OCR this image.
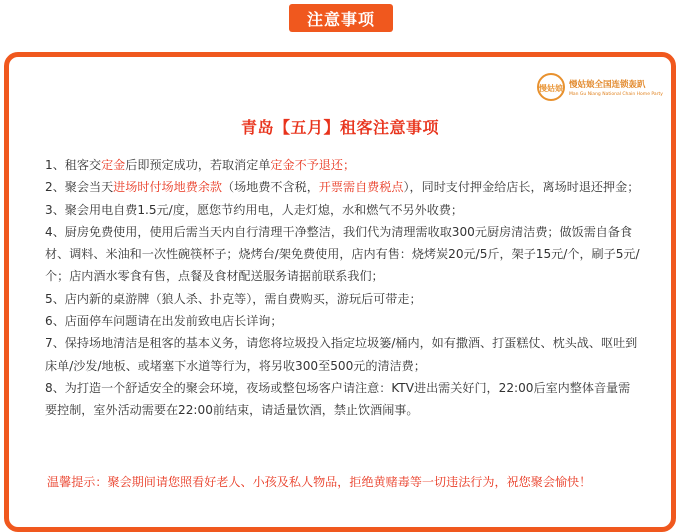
注意事项
慢姑娘 慢姑娘全国连锁轰趴
Man Gu Niang National Chain Home Party
青岛【五月】租客注意事项

1、租客交定金后即预定成功，若取消定单定金不予退还；

2、聚会当天进场时付场地费余款（场地费不含税，开票需自费税点），同时支付押金给店长，离场时退还押金；

3、聚会用电自费1.5元/度，愿您节约用电，人走灯熄，水和燃气不另外收费；

4、厨房免费使用，使用后需当天内自行清理干净整洁，我们代为清理需收取300元厨房清洁费；做饭需自备食材、调料、米油和一次性碗筷杯子；烧烤台/架免费使用，店内有售：烧烤炭20元/5斤，架子15元/个，刷子5元/个；店内酒水零食有售，点餐及食材配送服务请据前联系我们；

5、店内新的桌游牌（狼人杀、扑克等），需自费购买，游玩后可带走；

6、店面停车问题请在出发前致电店长详询；

7、保持场地清洁是租客的基本义务，请您将垃圾投入指定垃圾篓/桶内，如有撒酒、打蛋糕仗、枕头战、呕吐到床单/沙发/地板、或堵塞下水道等行为，将另收300至500元的清洁费；

8、为打造一个舒适安全的聚会环境，夜场或整包场客户请注意：KTV进出需关好门，22:00后室内整体音量需要控制，室外活动需要在22:00前结束，请适量饮酒，禁止饮酒闹事。

温馨提示：聚会期间请您照看好老人、小孩及私人物品，拒绝黄赌毒等一切违法行为，祝您聚会愉快！
